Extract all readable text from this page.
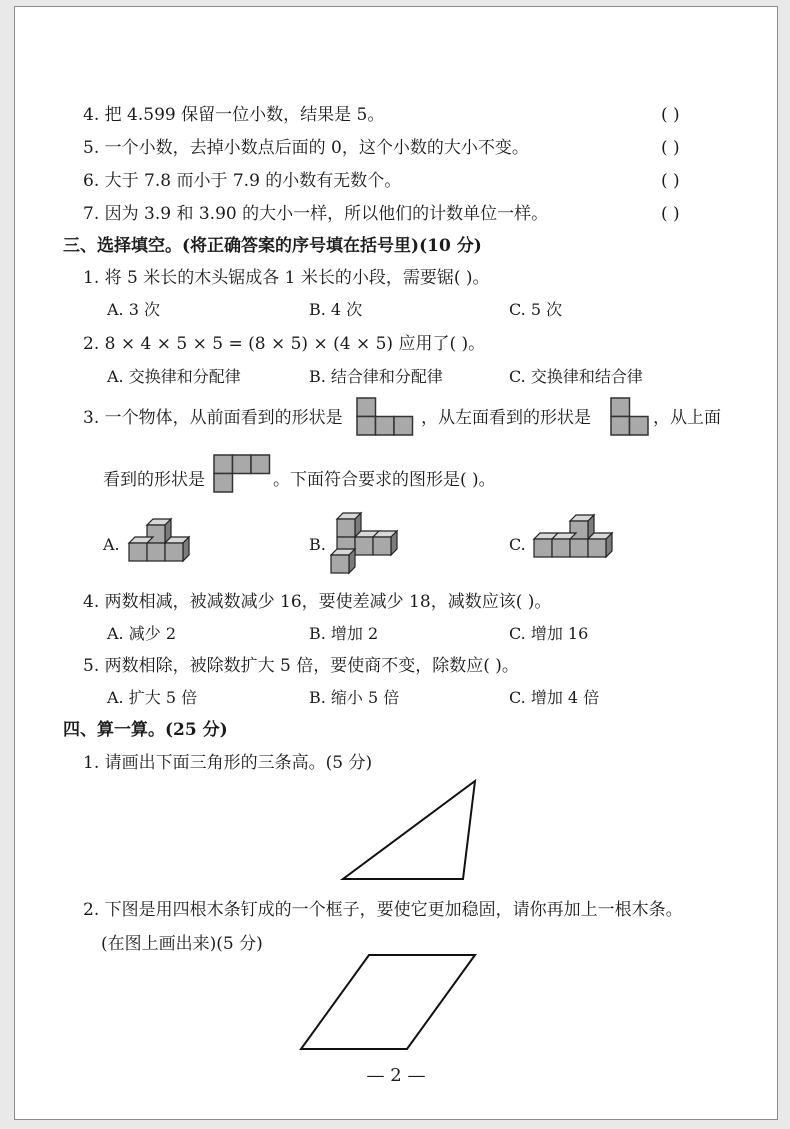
4. 把 4.599 保留一位小数，结果是 5。	( )
5. 一个小数，去掉小数点后面的 0，这个小数的大小不变。	( )
6. 大于 7.8 而小于 7.9 的小数有无数个。	( )
7. 因为 3.9 和 3.90 的大小一样，所以他们的计数单位一样。	( )
三、选择填空。(将正确答案的序号填在括号里)(10 分)
1. 将 5 米长的木头锯成各 1 米长的小段，需要锯( )。
A. 3 次	B. 4 次	C. 5 次
2. 8 × 4 × 5 × 5 = (8 × 5) × (4 × 5) 应用了( )。
A. 交换律和分配律	B. 结合律和分配律	C. 交换律和结合律
3. 一个物体，从前面看到的形状是	，从左面看到的形状是	，从上面
看到的形状是	。下面符合要求的图形是( )。
A.	B.	C.
4. 两数相减，被减数减少 16，要使差减少 18，减数应该( )。
A. 减少 2	B. 增加 2	C. 增加 16
5. 两数相除，被除数扩大 5 倍，要使商不变，除数应( )。
A. 扩大 5 倍	B. 缩小 5 倍	C. 增加 4 倍
四、算一算。(25 分)
1. 请画出下面三角形的三条高。(5 分)
2. 下图是用四根木条钉成的一个框子，要使它更加稳固，请你再加上一根木条。
(在图上画出来)(5 分)
— 2 —
